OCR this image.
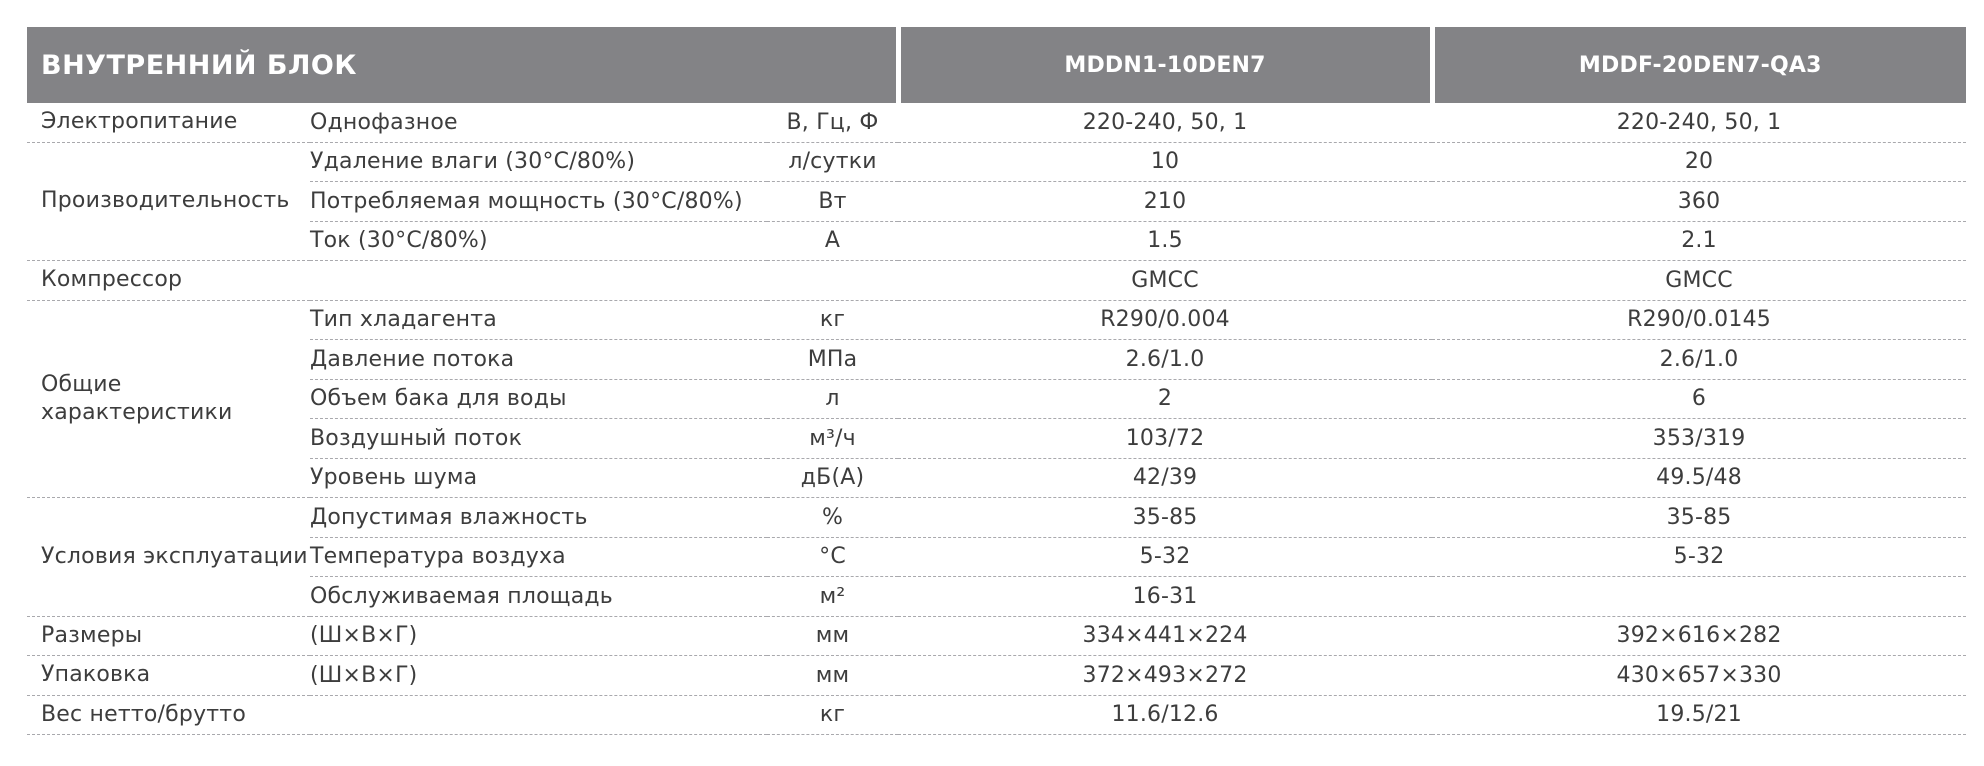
ВНУТРЕННИЙ БЛОК			MDDN1-10DEN7	MDDF-20DEN7-QA3
Электропитание	Однофазное	В, Гц, Ф	220-240, 50, 1	220-240, 50, 1
Производительность	Удаление влаги (30°C/80%)	л/сутки	10	20
	Потребляемая мощность (30°C/80%)	Вт	210	360
	Ток (30°C/80%)	А	1.5	2.1
Компрессор			GMCC	GMCC
Общие характеристики	Тип хладагента	кг	R290/0.004	R290/0.0145
	Давление потока	МПа	2.6/1.0	2.6/1.0
	Объем бака для воды	л	2	6
	Воздушный поток	м³/ч	103/72	353/319
	Уровень шума	дБ(А)	42/39	49.5/48
Условия эксплуатации	Допустимая влажность	%	35-85	35-85
	Температура воздуха	°C	5-32	5-32
	Обслуживаемая площадь	м²	16-31	
Размеры	(Ш×В×Г)	мм	334×441×224	392×616×282
Упаковка	(Ш×В×Г)	мм	372×493×272	430×657×330
Вес нетто/брутто		кг	11.6/12.6	19.5/21
